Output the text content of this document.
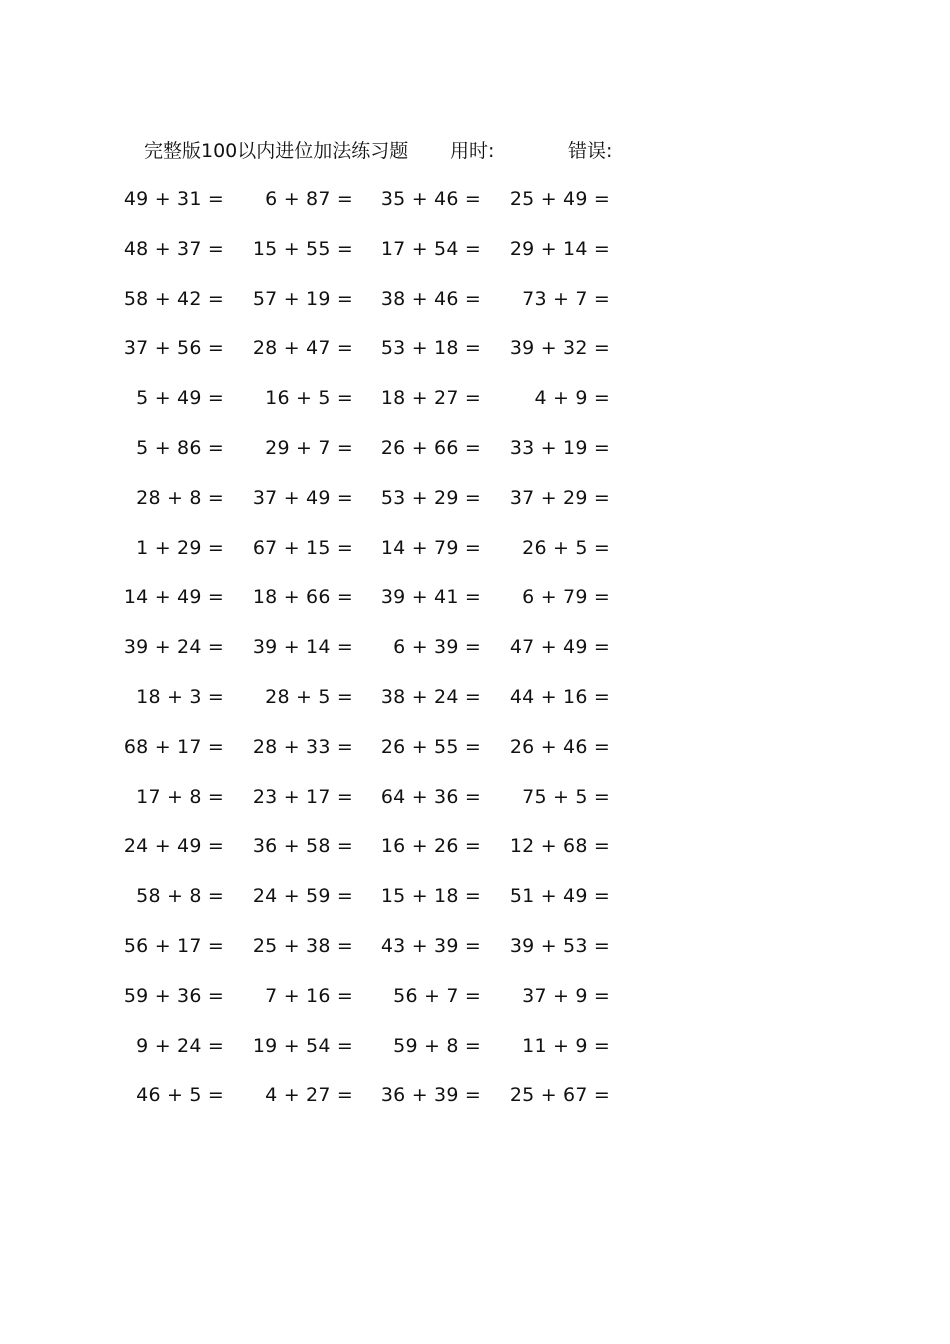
完整版100以内进位加法练习题 用时:	错误:
49 + 31 = 6 + 87 = 35 + 46 = 25 + 49 =
48 + 37 = 15 + 55 = 17 + 54 = 29 + 14 =
58 + 42 = 57 + 19 = 38 + 46 = 73 + 7 =
37 + 56 = 28 + 47 = 53 + 18 = 39 + 32 =
5 + 49 = 16 + 5 = 18 + 27 =	4 + 9 =
5 + 86 = 29 + 7 = 26 + 66 = 33 + 19 =
28 + 8 = 37 + 49 = 53 + 29 = 37 + 29 =
1 + 29 = 67 + 15 = 14 + 79 = 26 + 5 =
14 + 49 = 18 + 66 = 39 + 41 = 6 + 79 =
39 + 24 = 39 + 14 = 6 + 39 = 47 + 49 =
18 + 3 = 28 + 5 = 38 + 24 = 44 + 16 =
68 + 17 = 28 + 33 = 26 + 55 = 26 + 46 =
17 + 8 = 23 + 17 = 64 + 36 = 75 + 5 =
24 + 49 = 36 + 58 = 16 + 26 = 12 + 68 =
58 + 8 = 24 + 59 = 15 + 18 = 51 + 49 =
56 + 17 = 25 + 38 = 43 + 39 = 39 + 53 =
59 + 36 = 7 + 16 = 56 + 7 = 37 + 9 =
9 + 24 = 19 + 54 = 59 + 8 = 11 + 9 =
46 + 5 = 4 + 27 = 36 + 39 = 25 + 67 =
